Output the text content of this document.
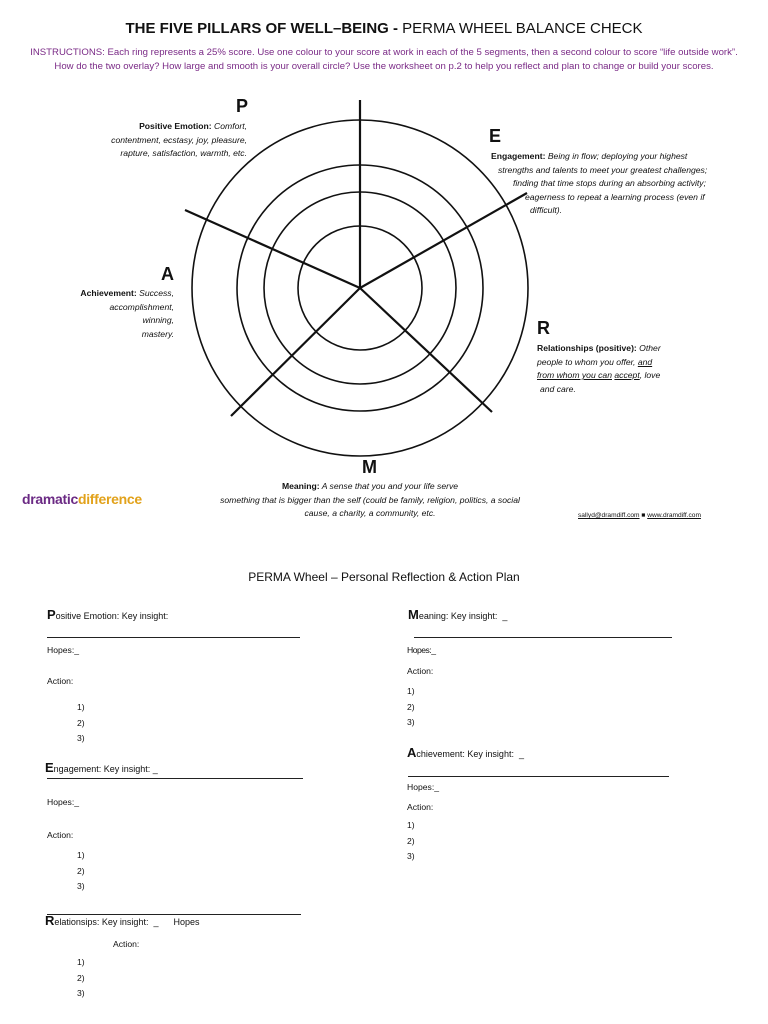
THE FIVE PILLARS OF WELL–BEING - PERMA WHEEL BALANCE CHECK
INSTRUCTIONS: Each ring represents a 25% score. Use one colour to your score at work in each of the 5 segments, then a second colour to score “life outside work”.
How do the two overlay? How large and smooth is your overall circle? Use the worksheet on p.2 to help you reflect and plan to change or build your scores.
P
Positive Emotion: Comfort,
contentment, ecstasy, joy, pleasure,
rapture, satisfaction, warmth, etc.
E
Engagement: Being in flow; deploying your highest
strengths and talents to meet your greatest challenges;
finding that time stops during an absorbing activity;
eagerness to repeat a learning process (even if
difficult).
A
Achievement: Success,
accomplishment,
winning,
mastery.	R
Relationships (positive): Other
people to whom you offer, and
from whom you can accept, love
and care.
M
Meaning: A sense that you and your life serve
something that is bigger than the self (could be family, religion, politics, a social
cause, a charity, a community, etc.
dramaticdifference
sallyd@dramdiff.com ■ www.dramdiff.com
PERMA Wheel – Personal Reflection & Action Plan
Positive Emotion: Key insight:
Hopes:_
Action:
1)
2)
3)
Engagement: Key insight: _
Hopes:_
Action:
1)
2)
3)
Relationsips: Key insight: _ Hopes
Action:
1)
2)
3)
Meaning: Key insight: _
Hopes:_
Action:
1)
2)
3)
Achievement: Key insight: _
Hopes:_
Action:
1)
2)
3)
